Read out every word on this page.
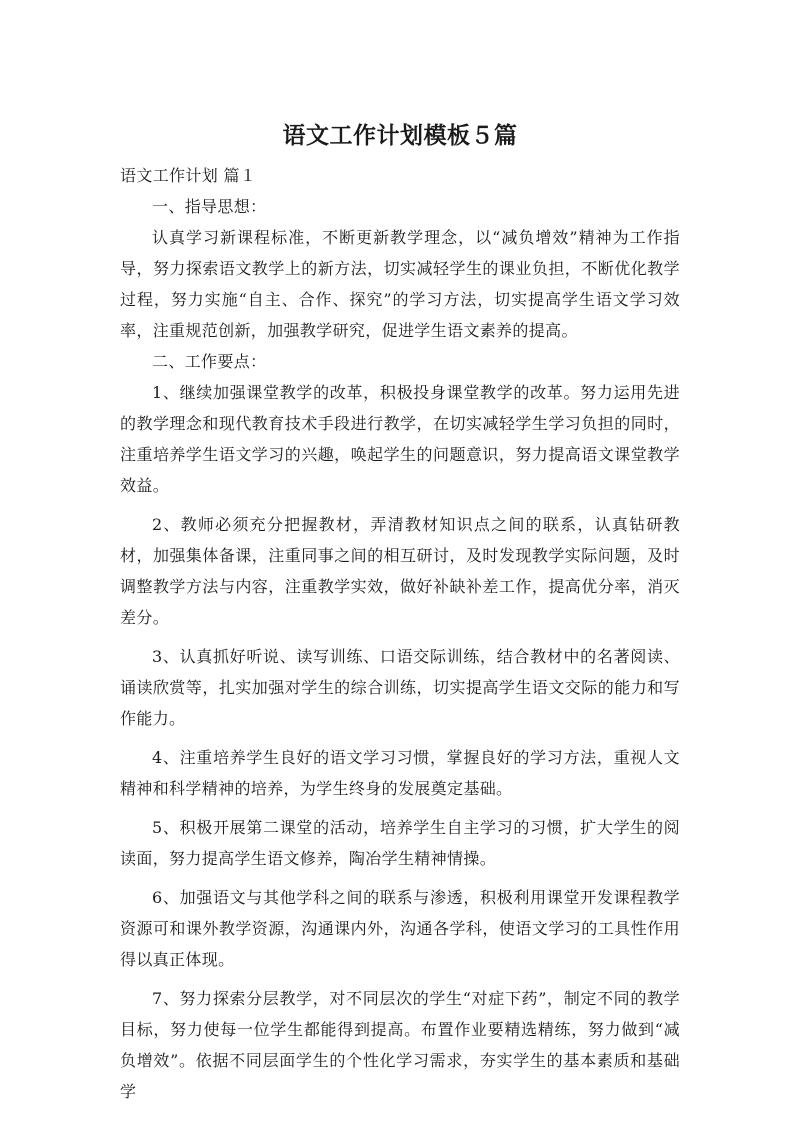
语文工作计划模板５篇

语文工作计划 篇１

一、指导思想：

认真学习新课程标准，不断更新教学理念，以“减负增效”精神为工作指导，努力探索语文教学上的新方法，切实减轻学生的课业负担，不断优化教学过程，努力实施“自主、合作、探究”的学习方法，切实提高学生语文学习效率，注重规范创新，加强教学研究，促进学生语文素养的提高。

二、工作要点：

1、继续加强课堂教学的改革，积极投身课堂教学的改革。努力运用先进的教学理念和现代教育技术手段进行教学，在切实减轻学生学习负担的同时，注重培养学生语文学习的兴趣，唤起学生的问题意识，努力提高语文课堂教学效益。

2、教师必须充分把握教材，弄清教材知识点之间的联系，认真钻研教材，加强集体备课，注重同事之间的相互研讨，及时发现教学实际问题，及时调整教学方法与内容，注重教学实效，做好补缺补差工作，提高优分率，消灭差分。

3、认真抓好听说、读写训练、口语交际训练，结合教材中的名著阅读、诵读欣赏等，扎实加强对学生的综合训练，切实提高学生语文交际的能力和写作能力。

4、注重培养学生良好的语文学习习惯，掌握良好的学习方法，重视人文精神和科学精神的培养，为学生终身的发展奠定基础。

5、积极开展第二课堂的活动，培养学生自主学习的习惯，扩大学生的阅读面，努力提高学生语文修养，陶冶学生精神情操。

6、加强语文与其他学科之间的联系与渗透，积极利用课堂开发课程教学资源可和课外教学资源，沟通课内外，沟通各学科，使语文学习的工具性作用得以真正体现。

7、努力探索分层教学，对不同层次的学生“对症下药”，制定不同的教学目标，努力使每一位学生都能得到提高。布置作业要精选精练，努力做到“减负增效”。依据不同层面学生的个性化学习需求，夯实学生的基本素质和基础学
